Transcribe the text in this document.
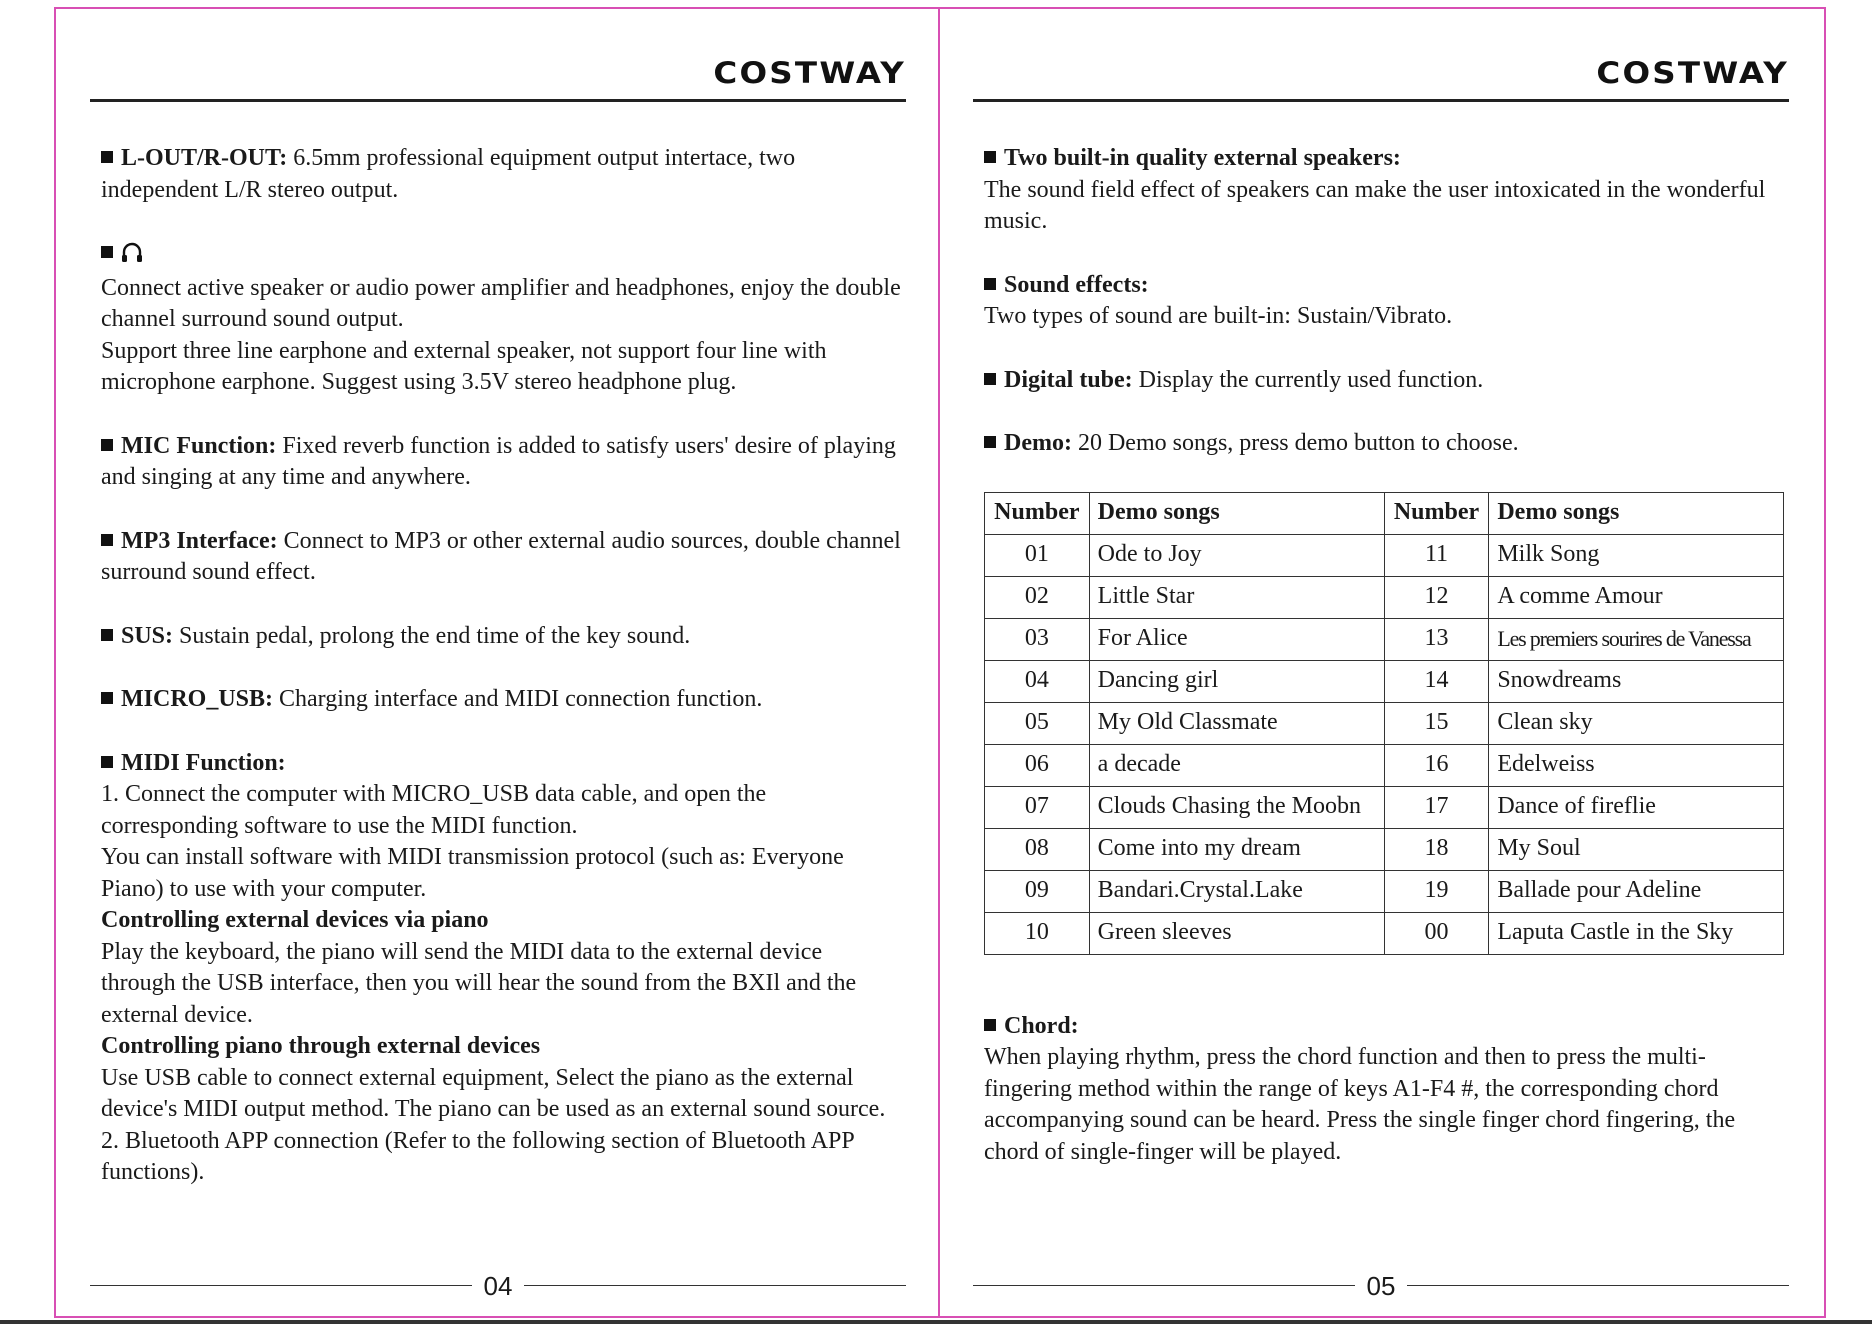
COSTWAY
L-OUT/R-OUT: 6.5mm professional equipment output intertace, two independent L/R stereo output.
Connect active speaker or audio power amplifier and headphones, enjoy the double channel surround sound output.
Support three line earphone and external speaker, not support four line with microphone earphone. Suggest using 3.5V stereo headphone plug.
MIC Function: Fixed reverb function is added to satisfy users' desire of playing and singing at any time and anywhere.
MP3 Interface: Connect to MP3 or other external audio sources, double channel surround sound effect.
SUS: Sustain pedal, prolong the end time of the key sound.
MICRO_USB: Charging interface and MIDI connection function.
MIDI Function:
1. Connect the computer with MICRO_USB data cable, and open the corresponding software to use the MIDI function.
You can install software with MIDI transmission protocol (such as: Everyone Piano) to use with your computer.
Controlling external devices via piano
Play the keyboard, the piano will send the MIDI data to the external device through the USB interface, then you will hear the sound from the BXIl and the external device.
Controlling piano through external devices
Use USB cable to connect external equipment, Select the piano as the external device's MIDI output method. The piano can be used as an external sound source.
2. Bluetooth APP connection (Refer to the following section of Bluetooth APP functions).
04
COSTWAY
Two built-in quality external speakers:
The sound field effect of speakers can make the user intoxicated in the wonderful music.
Sound effects:
Two types of sound are built-in: Sustain/Vibrato.
Digital tube: Display the currently used function.
Demo: 20 Demo songs, press demo button to choose.
Number	Demo songs	Number	Demo songs
01	Ode to Joy	11	Milk Song
02	Little Star	12	A comme Amour
03	For Alice	13	Les premiers sourires de Vanessa
04	Dancing girl	14	Snowdreams
05	My Old Classmate	15	Clean sky
06	a decade	16	Edelweiss
07	Clouds Chasing the Moobn	17	Dance of fireflie
08	Come into my dream	18	My Soul
09	Bandari.Crystal.Lake	19	Ballade pour Adeline
10	Green sleeves	00	Laputa Castle in the Sky
Chord:
When playing rhythm, press the chord function and then to press the multi-fingering method within the range of keys A1-F4 #, the corresponding chord accompanying sound can be heard. Press the single finger chord fingering, the chord of single-finger will be played.
05
